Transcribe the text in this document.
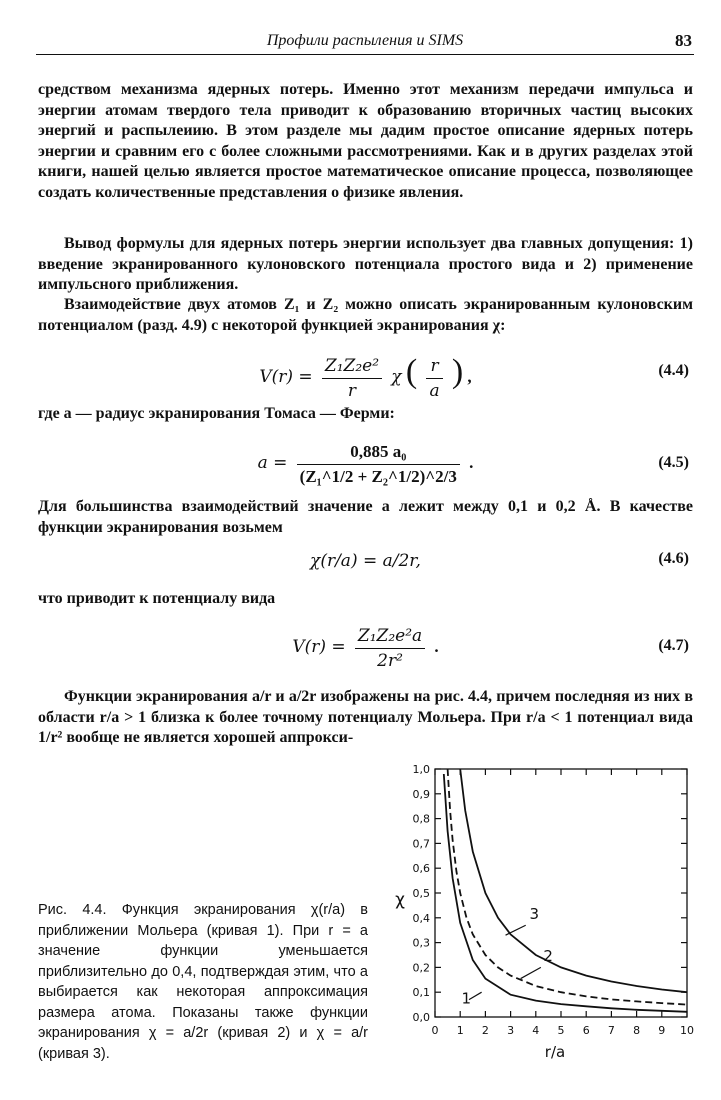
Профили распыления и SIMS	83

средством механизма ядерных потерь. Именно этот механизм передачи импульса и энергии атомам твердого тела приводит к образованию вторичных частиц высоких энергий и распылеиию. В этом разделе мы дадим простое описание ядерных потерь энергии и сравним его с более сложными рассмотрениями. Как и в других разделах этой книги, нашей целью является простое математическое описание процесса, позволяющее создать количественные представления о физике явления.

Вывод формулы для ядерных потерь энергии использует два главных допущения: 1) введение экранированного кулоновского потенциала простого вида и 2) применение импульсного приближения.

Взаимодействие двух атомов Z₁ и Z₂ можно описать экранированным кулоновским потенциалом (разд. 4.9) с некоторой функцией экранирования χ:

$V(r) = \frac{\text{Z₁Z₂e²}}{r}$ χ ( $\frac{r}{a}$ ) ,	(4.4)

где a — радиус экранирования Томаса — Ферми:

$a = \frac{\text{0,885 a₀}}{\text{(Z₁\textasciicircum{}1/2 + Z₂\textasciicircum{}1/2)\textasciicircum{}2/3}}$ .	(4.5)

Для большинства взаимодействий значение a лежит между 0,1 и 0,2 Å. В качестве функции экранирования возьмем

χ(r/a) = a/2r,	(4.6)

что приводит к потенциалу вида

$V(r) = \frac{\text{Z₁Z₂e²a}}{\text{2r²}}$ .	(4.7)

Функции экранирования a/r и a/2r изображены на рис. 4.4, причем последняя из них в области r/a > 1 близка к более точному потенциалу Мольера. При r/a < 1 потенциал вида 1/r² вообще не является хорошей аппрокси-

Рис. 4.4. Функция экранирования χ(r/a) в приближении Мольера (кривая 1). При r = a значение функции уменьшается приблизительно до 0,4, подтверждая этим, что a выбирается как некоторая аппроксимация размера атома. Показаны также функции экранирования χ = a/2r (кривая 2) и χ = a/r (кривая 3).

0,0
0,1
0,2
0,3
0,4
0,5
0,6
0,7
0,8
0,9
1,0
0 1 2 3 4 5 6 7 8 9 10
r/a
χ
1
2
3
